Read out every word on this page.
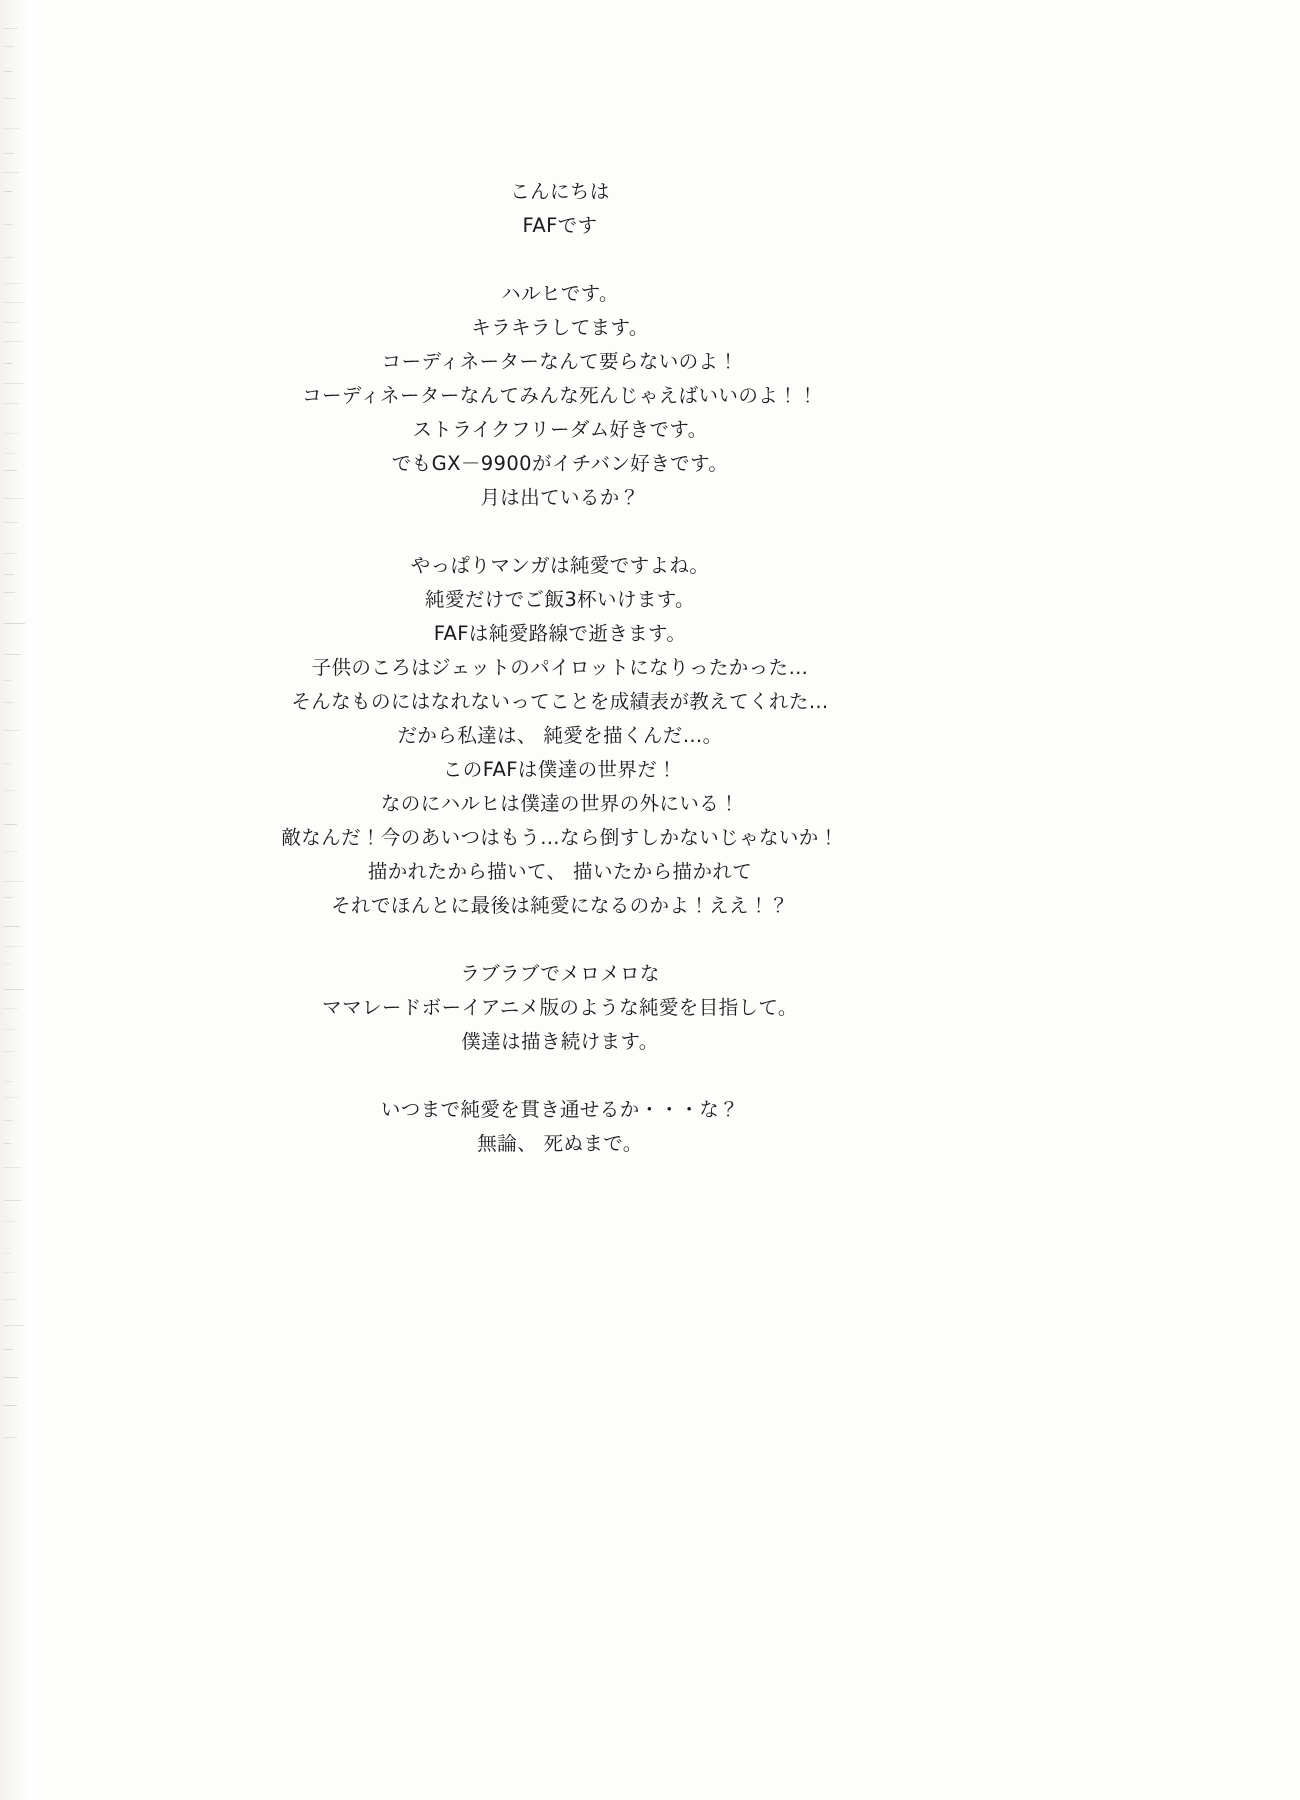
こんにちは
FAFです
ハルヒです。
キラキラしてます。
コーディネーターなんて要らないのよ！
コーディネーターなんてみんな死んじゃえばいいのよ！！
ストライクフリーダム好きです。
でもGX－9900がイチバン好きです。
月は出ているか？
やっぱりマンガは純愛ですよね。
純愛だけでご飯3杯いけます。
FAFは純愛路線で逝きます。
子供のころはジェットのパイロットになりったかった…
そんなものにはなれないってことを成績表が教えてくれた…
だから私達は、 純愛を描くんだ…。
このFAFは僕達の世界だ！
なのにハルヒは僕達の世界の外にいる！
敵なんだ！今のあいつはもう…なら倒すしかないじゃないか！
描かれたから描いて、 描いたから描かれて
それでほんとに最後は純愛になるのかよ！ええ！？
ラブラブでメロメロな
ママレードボーイアニメ版のような純愛を目指して。
僕達は描き続けます。
いつまで純愛を貫き通せるか・・・な？
無論、 死ぬまで。
